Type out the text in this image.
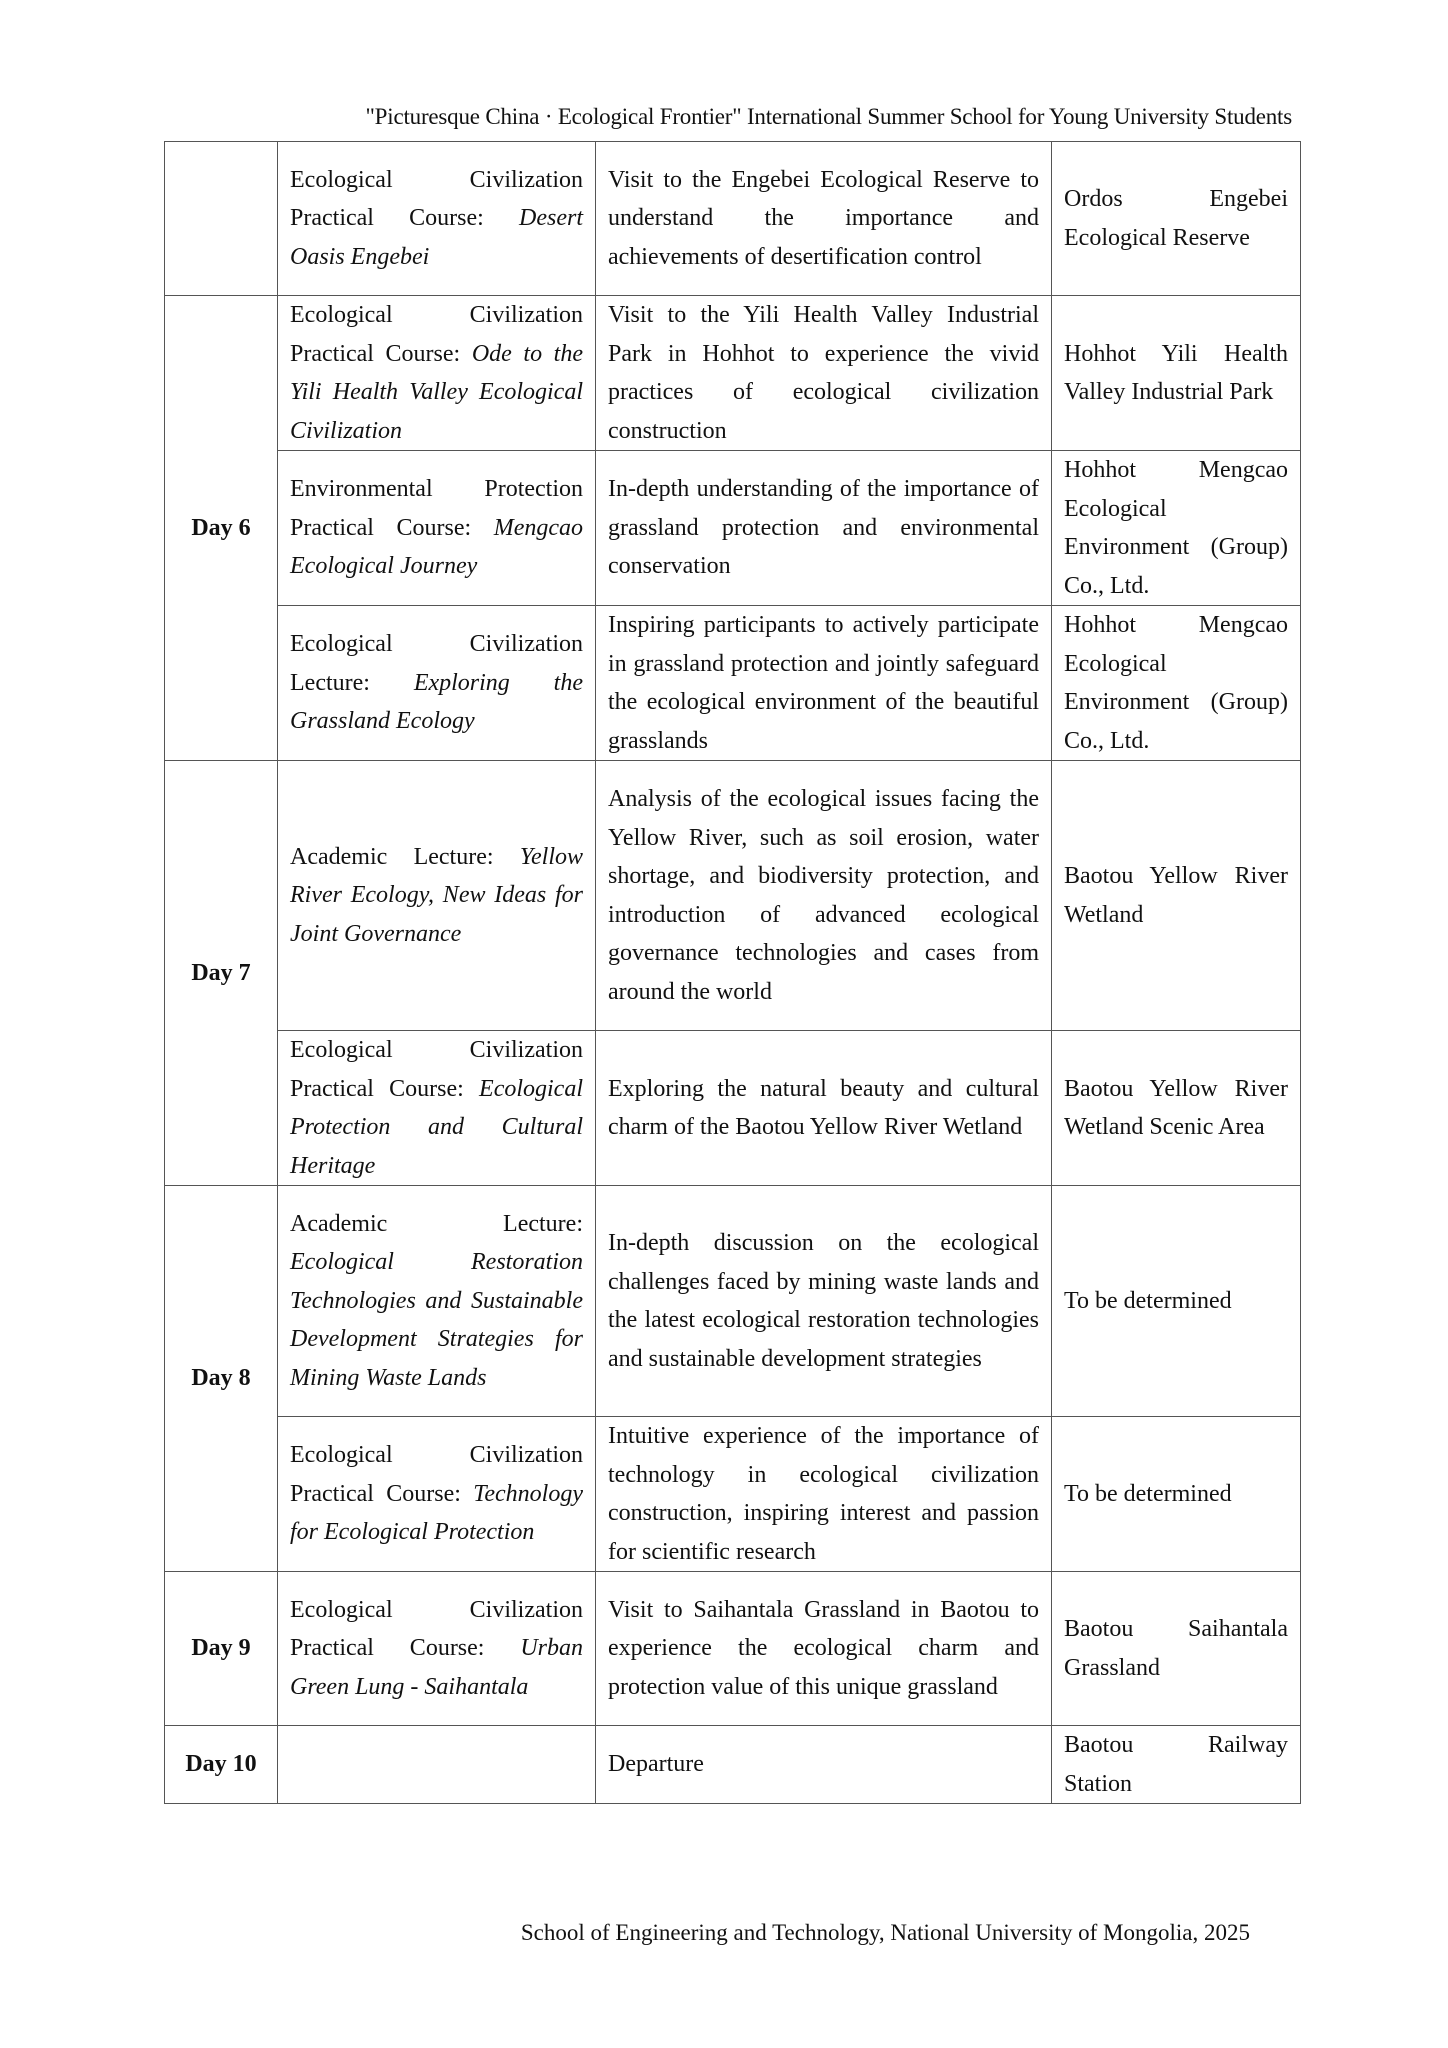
"Picturesque China · Ecological Frontier" International Summer School for Young University Students
	Ecological Civilization Practical Course: Desert Oasis Engebei	Visit to the Engebei Ecological Reserve to understand the importance and achievements of desertification control	Ordos Engebei Ecological Reserve
Day 6	Ecological Civilization Practical Course: Ode to the Yili Health Valley Ecological Civilization	Visit to the Yili Health Valley Industrial Park in Hohhot to experience the vivid practices of ecological civilization construction	Hohhot Yili Health Valley Industrial Park
	Environmental Protection Practical Course: Mengcao Ecological Journey	In-depth understanding of the importance of grassland protection and environmental conservation	Hohhot Mengcao Ecological Environment (Group) Co., Ltd.
	Ecological Civilization Lecture: Exploring the Grassland Ecology	Inspiring participants to actively participate in grassland protection and jointly safeguard the ecological environment of the beautiful grasslands	Hohhot Mengcao Ecological Environment (Group) Co., Ltd.
Day 7	Academic Lecture: Yellow River Ecology, New Ideas for Joint Governance	Analysis of the ecological issues facing the Yellow River, such as soil erosion, water shortage, and biodiversity protection, and introduction of advanced ecological governance technologies and cases from around the world	Baotou Yellow River Wetland
	Ecological Civilization Practical Course: Ecological Protection and Cultural Heritage	Exploring the natural beauty and cultural charm of the Baotou Yellow River Wetland	Baotou Yellow River Wetland Scenic Area
Day 8	Academic Lecture: Ecological Restoration Technologies and Sustainable Development Strategies for Mining Waste Lands	In-depth discussion on the ecological challenges faced by mining waste lands and the latest ecological restoration technologies and sustainable development strategies	To be determined
	Ecological Civilization Practical Course: Technology for Ecological Protection	Intuitive experience of the importance of technology in ecological civilization construction, inspiring interest and passion for scientific research	To be determined
Day 9	Ecological Civilization Practical Course: Urban Green Lung - Saihantala	Visit to Saihantala Grassland in Baotou to experience the ecological charm and protection value of this unique grassland	Baotou Saihantala Grassland
Day 10		Departure	Baotou Railway Station
School of Engineering and Technology, National University of Mongolia, 2025
